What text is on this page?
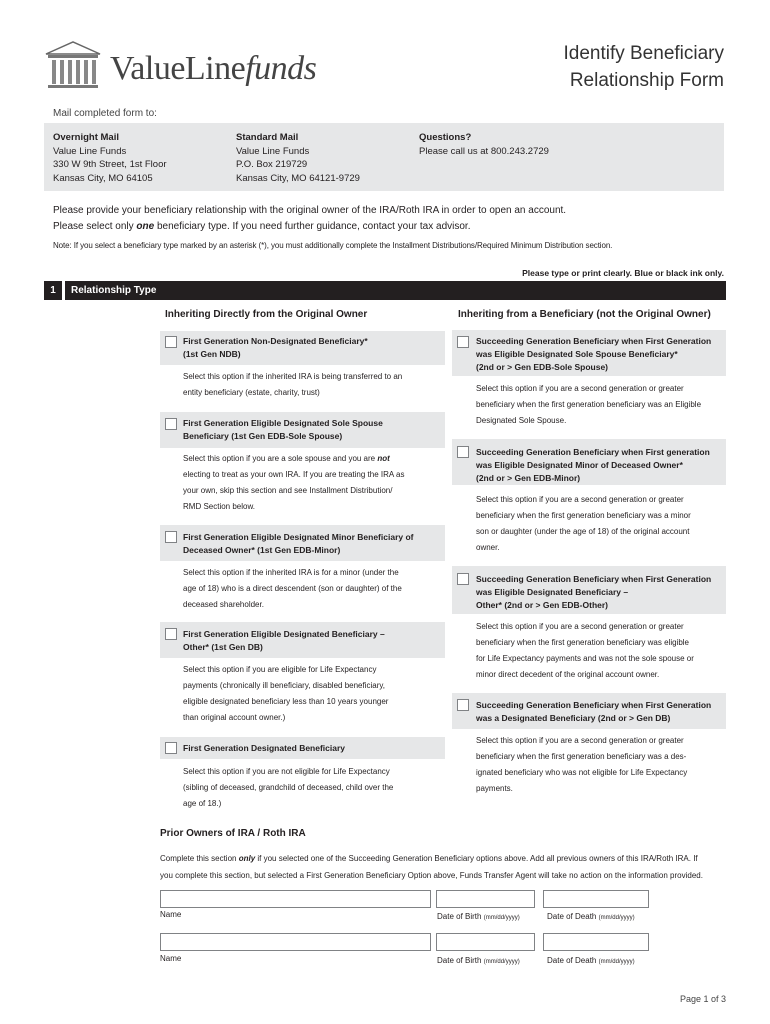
ValueLinefunds	Identify Beneficiary
Relationship Form
Mail completed form to:
Overnight Mail
Value Line Funds
330 W 9th Street, 1st Floor
Kansas City, MO 64105
Standard Mail
Value Line Funds
P.O. Box 219729
Kansas City, MO 64121-9729
Questions?
Please call us at 800.243.2729
Please provide your beneficiary relationship with the original owner of the IRA/Roth IRA in order to open an account.
Please select only one beneficiary type. If you need further guidance, contact your tax advisor.
Note: If you select a beneficiary type marked by an asterisk (*), you must additionally complete the Installment Distributions/Required Minimum Distribution section.
Please type or print clearly. Blue or black ink only.
1	Relationship Type
Inheriting Directly from the Original Owner	Inheriting from a Beneficiary (not the Original Owner)
First Generation Non-Designated Beneficiary*
(1st Gen NDB)
Select this option if the inherited IRA is being transferred to an
entity beneficiary (estate, charity, trust)
First Generation Eligible Designated Sole Spouse
Beneficiary (1st Gen EDB-Sole Spouse)
Select this option if you are a sole spouse and you are not
electing to treat as your own IRA. If you are treating the IRA as
your own, skip this section and see Installment Distribution/
RMD Section below.
First Generation Eligible Designated Minor Beneficiary of
Deceased Owner* (1st Gen EDB-Minor)
Select this option if the inherited IRA is for a minor (under the
age of 18) who is a direct descendent (son or daughter) of the
deceased shareholder.
First Generation Eligible Designated Beneficiary –
Other* (1st Gen DB)
Select this option if you are eligible for Life Expectancy
payments (chronically ill beneficiary, disabled beneficiary,
eligible designated beneficiary less than 10 years younger
than original account owner.)
First Generation Designated Beneficiary
Select this option if you are not eligible for Life Expectancy
(sibling of deceased, grandchild of deceased, child over the
age of 18.)
Succeeding Generation Beneficiary when First Generation
was Eligible Designated Sole Spouse Beneficiary*
(2nd or > Gen EDB-Sole Spouse)
Select this option if you are a second generation or greater
beneficiary when the first generation beneficiary was an Eligible
Designated Sole Spouse.
Succeeding Generation Beneficiary when First generation
was Eligible Designated Minor of Deceased Owner*
(2nd or > Gen EDB-Minor)
Select this option if you are a second generation or greater
beneficiary when the first generation beneficiary was a minor
son or daughter (under the age of 18) of the original account
owner.
Succeeding Generation Beneficiary when First Generation
was Eligible Designated Beneficiary –
Other* (2nd or > Gen EDB-Other)
Select this option if you are a second generation or greater
beneficiary when the first generation beneficiary was eligible
for Life Expectancy payments and was not the sole spouse or
minor direct decedent of the original account owner.
Succeeding Generation Beneficiary when First Generation
was a Designated Beneficiary (2nd or > Gen DB)
Select this option if you are a second generation or greater
beneficiary when the first generation beneficiary was a des-
ignated beneficiary who was not eligible for Life Expectancy
payments.
Prior Owners of IRA / Roth IRA
Complete this section only if you selected one of the Succeeding Generation Beneficiary options above. Add all previous owners of this IRA/Roth IRA. If
you complete this section, but selected a First Generation Beneficiary Option above, Funds Transfer Agent will take no action on the information provided.
Name	Date of Birth (mm/dd/yyyy)	Date of Death (mm/dd/yyyy)
Name	Date of Birth (mm/dd/yyyy)	Date of Death (mm/dd/yyyy)
Page 1 of 3
